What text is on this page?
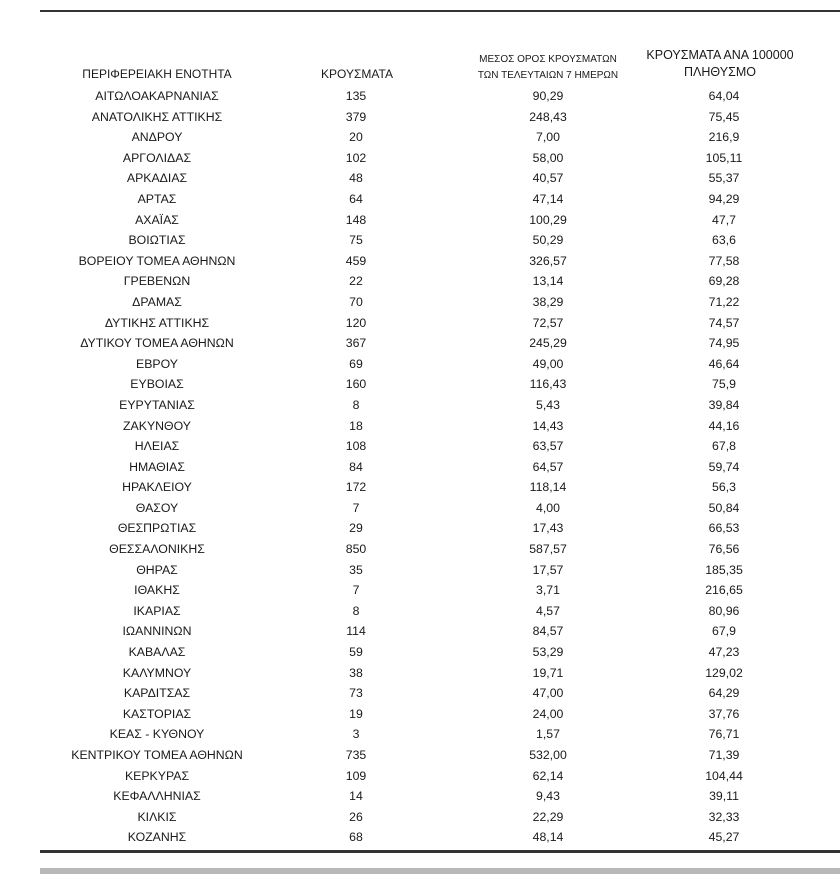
ΠΕΡΙΦΕΡΕΙΑΚΗ ΕΝΟΤΗΤΑ	ΚΡΟΥΣΜΑΤΑ
ΜΕΣΟΣ ΟΡΟΣ ΚΡΟΥΣΜΑΤΩΝ
ΤΩΝ ΤΕΛΕΥΤΑΙΩΝ 7 ΗΜΕΡΩΝ
ΚΡΟΥΣΜΑΤΑ ΑΝΑ 100000
ΠΛΗΘΥΣΜΟ
ΑΙΤΩΛΟΑΚΑΡΝΑΝΙΑΣ	135	90,29	64,04
ΑΝΑΤΟΛΙΚΗΣ ΑΤΤΙΚΗΣ	379	248,43	75,45
ΑΝΔΡΟΥ	20	7,00	216,9
ΑΡΓΟΛΙΔΑΣ	102	58,00	105,11
ΑΡΚΑΔΙΑΣ	48	40,57	55,37
ΑΡΤΑΣ	64	47,14	94,29
ΑΧΑΪΑΣ	148	100,29	47,7
ΒΟΙΩΤΙΑΣ	75	50,29	63,6
ΒΟΡΕΙΟΥ ΤΟΜΕΑ ΑΘΗΝΩΝ	459	326,57	77,58
ΓΡΕΒΕΝΩΝ	22	13,14	69,28
ΔΡΑΜΑΣ	70	38,29	71,22
ΔΥΤΙΚΗΣ ΑΤΤΙΚΗΣ	120	72,57	74,57
ΔΥΤΙΚΟΥ ΤΟΜΕΑ ΑΘΗΝΩΝ	367	245,29	74,95
ΕΒΡΟΥ	69	49,00	46,64
ΕΥΒΟΙΑΣ	160	116,43	75,9
ΕΥΡΥΤΑΝΙΑΣ	8	5,43	39,84
ΖΑΚΥΝΘΟΥ	18	14,43	44,16
ΗΛΕΙΑΣ	108	63,57	67,8
ΗΜΑΘΙΑΣ	84	64,57	59,74
ΗΡΑΚΛΕΙΟΥ	172	118,14	56,3
ΘΑΣΟΥ	7	4,00	50,84
ΘΕΣΠΡΩΤΙΑΣ	29	17,43	66,53
ΘΕΣΣΑΛΟΝΙΚΗΣ	850	587,57	76,56
ΘΗΡΑΣ	35	17,57	185,35
ΙΘΑΚΗΣ	7	3,71	216,65
ΙΚΑΡΙΑΣ	8	4,57	80,96
ΙΩΑΝΝΙΝΩΝ	114	84,57	67,9
ΚΑΒΑΛΑΣ	59	53,29	47,23
ΚΑΛΥΜΝΟΥ	38	19,71	129,02
ΚΑΡΔΙΤΣΑΣ	73	47,00	64,29
ΚΑΣΤΟΡΙΑΣ	19	24,00	37,76
ΚΕΑΣ - ΚΥΘΝΟΥ	3	1,57	76,71
ΚΕΝΤΡΙΚΟΥ ΤΟΜΕΑ ΑΘΗΝΩΝ	735	532,00	71,39
ΚΕΡΚΥΡΑΣ	109	62,14	104,44
ΚΕΦΑΛΛΗΝΙΑΣ	14	9,43	39,11
ΚΙΛΚΙΣ	26	22,29	32,33
ΚΟΖΑΝΗΣ	68	48,14	45,27
